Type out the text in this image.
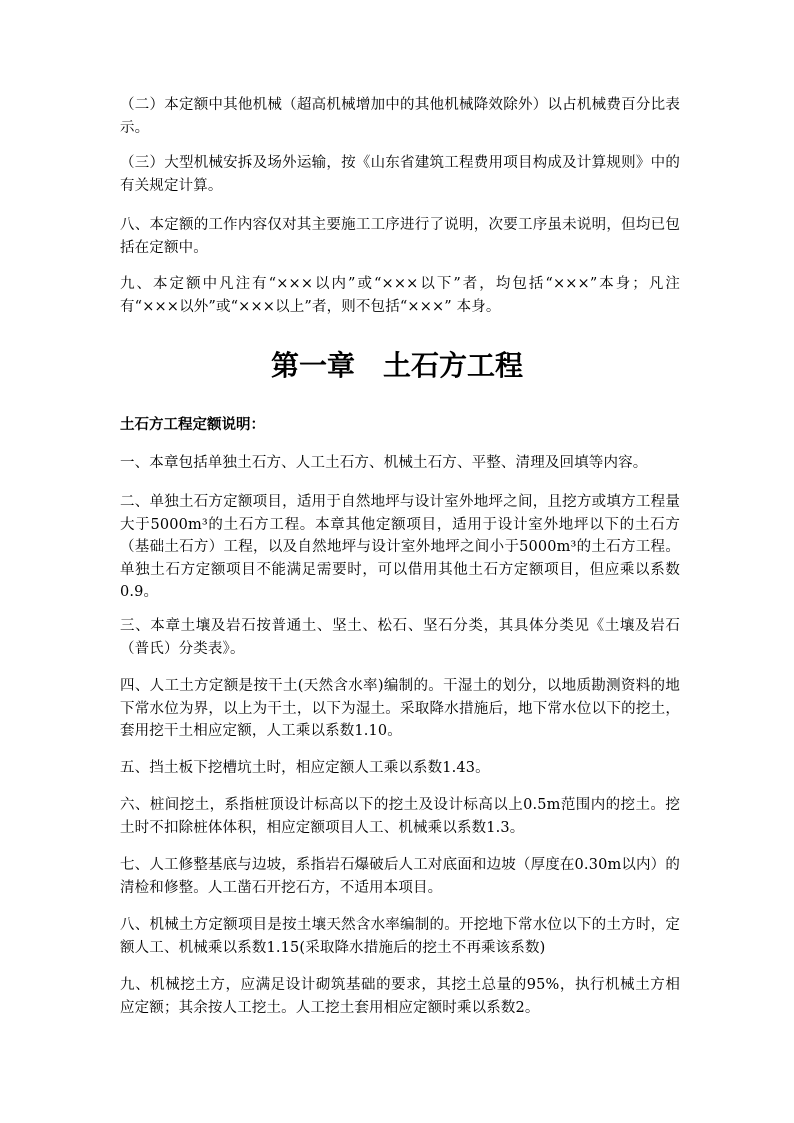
（二）本定额中其他机械（超高机械增加中的其他机械降效除外）以占机械费百分比表示。

（三）大型机械安拆及场外运输，按《山东省建筑工程费用项目构成及计算规则》中的有关规定计算。

八、本定额的工作内容仅对其主要施工工序进行了说明，次要工序虽未说明，但均已包括在定额中。

九、本定额中凡注有“×××以内”或“×××以下”者，均包括“×××”本身；凡注有“×××以外”或“×××以上”者，则不包括“×××” 本身。

第一章　土石方工程
土石方工程定额说明：

一、本章包括单独土石方、人工土石方、机械土石方、平整、清理及回填等内容。

二、单独土石方定额项目，适用于自然地坪与设计室外地坪之间，且挖方或填方工程量大于5000m³的土石方工程。本章其他定额项目，适用于设计室外地坪以下的土石方（基础土石方）工程，以及自然地坪与设计室外地坪之间小于5000m³的土石方工程。单独土石方定额项目不能满足需要时，可以借用其他土石方定额项目，但应乘以系数0.9。

三、本章土壤及岩石按普通土、坚土、松石、坚石分类，其具体分类见《土壤及岩石（普氏）分类表》。

四、人工土方定额是按干土(天然含水率)编制的。干湿土的划分，以地质勘测资料的地下常水位为界，以上为干土，以下为湿土。采取降水措施后，地下常水位以下的挖土，套用挖干土相应定额，人工乘以系数1.10。

五、挡土板下挖槽坑土时，相应定额人工乘以系数1.43。

六、桩间挖土，系指桩顶设计标高以下的挖土及设计标高以上0.5m范围内的挖土。挖土时不扣除桩体体积，相应定额项目人工、机械乘以系数1.3。

七、人工修整基底与边坡，系指岩石爆破后人工对底面和边坡（厚度在0.30m以内）的清检和修整。人工凿石开挖石方，不适用本项目。

八、机械土方定额项目是按土壤天然含水率编制的。开挖地下常水位以下的土方时，定额人工、机械乘以系数1.15(采取降水措施后的挖土不再乘该系数)

九、机械挖土方，应满足设计砌筑基础的要求，其挖土总量的95%，执行机械土方相应定额；其余按人工挖土。人工挖土套用相应定额时乘以系数2。
